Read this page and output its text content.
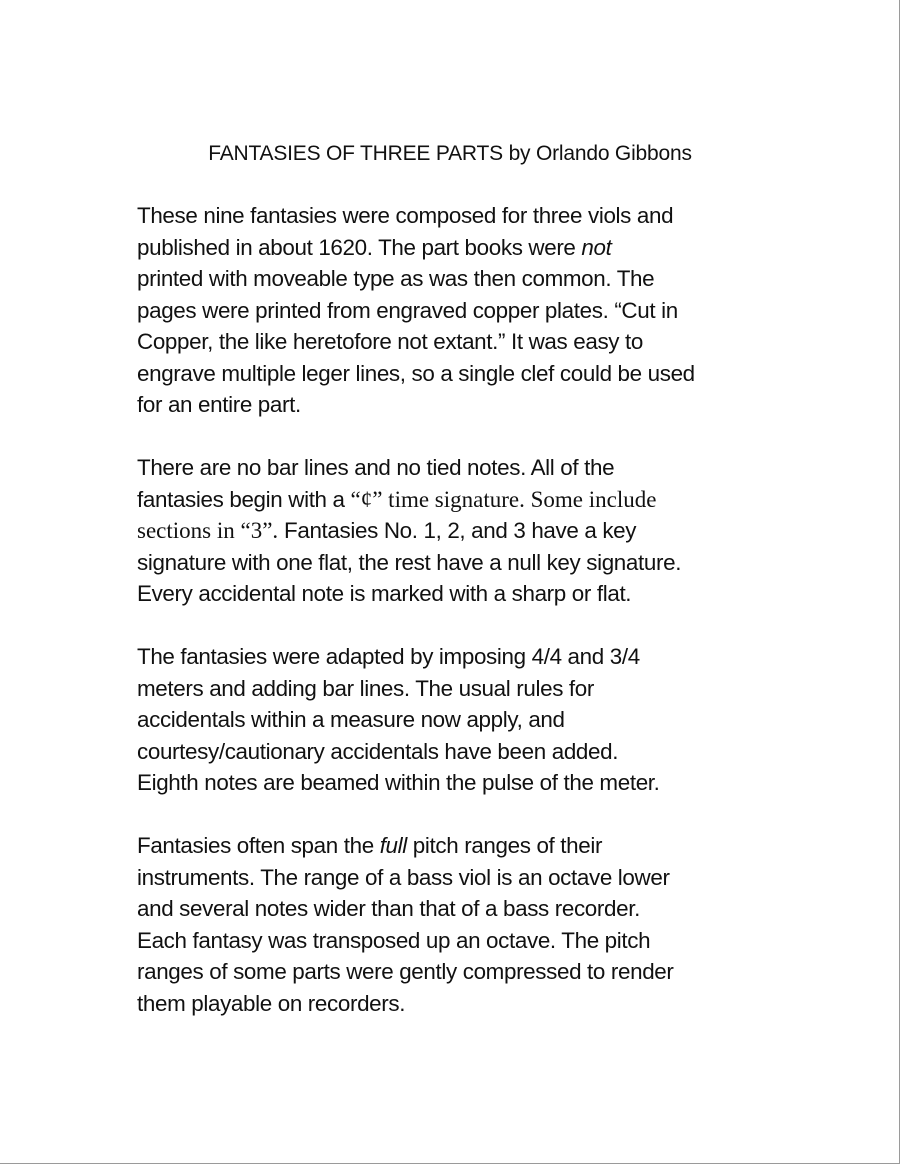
FANTASIES OF THREE PARTS by Orlando Gibbons
These nine fantasies were composed for three viols and
published in about 1620. The part books were not
printed with moveable type as was then common. The
pages were printed from engraved copper plates. “Cut in
Copper, the like heretofore not extant.” It was easy to
engrave multiple leger lines, so a single clef could be used
for an entire part.
There are no bar lines and no tied notes. All of the
fantasies begin with a “¢” time signature. Some include
sections in “3”. Fantasies No. 1, 2, and 3 have a key
signature with one flat, the rest have a null key signature.
Every accidental note is marked with a sharp or flat.
The fantasies were adapted by imposing 4/4 and 3/4
meters and adding bar lines. The usual rules for
accidentals within a measure now apply, and
courtesy/cautionary accidentals have been added.
Eighth notes are beamed within the pulse of the meter.
Fantasies often span the full pitch ranges of their
instruments. The range of a bass viol is an octave lower
and several notes wider than that of a bass recorder.
Each fantasy was transposed up an octave. The pitch
ranges of some parts were gently compressed to render
them playable on recorders.
